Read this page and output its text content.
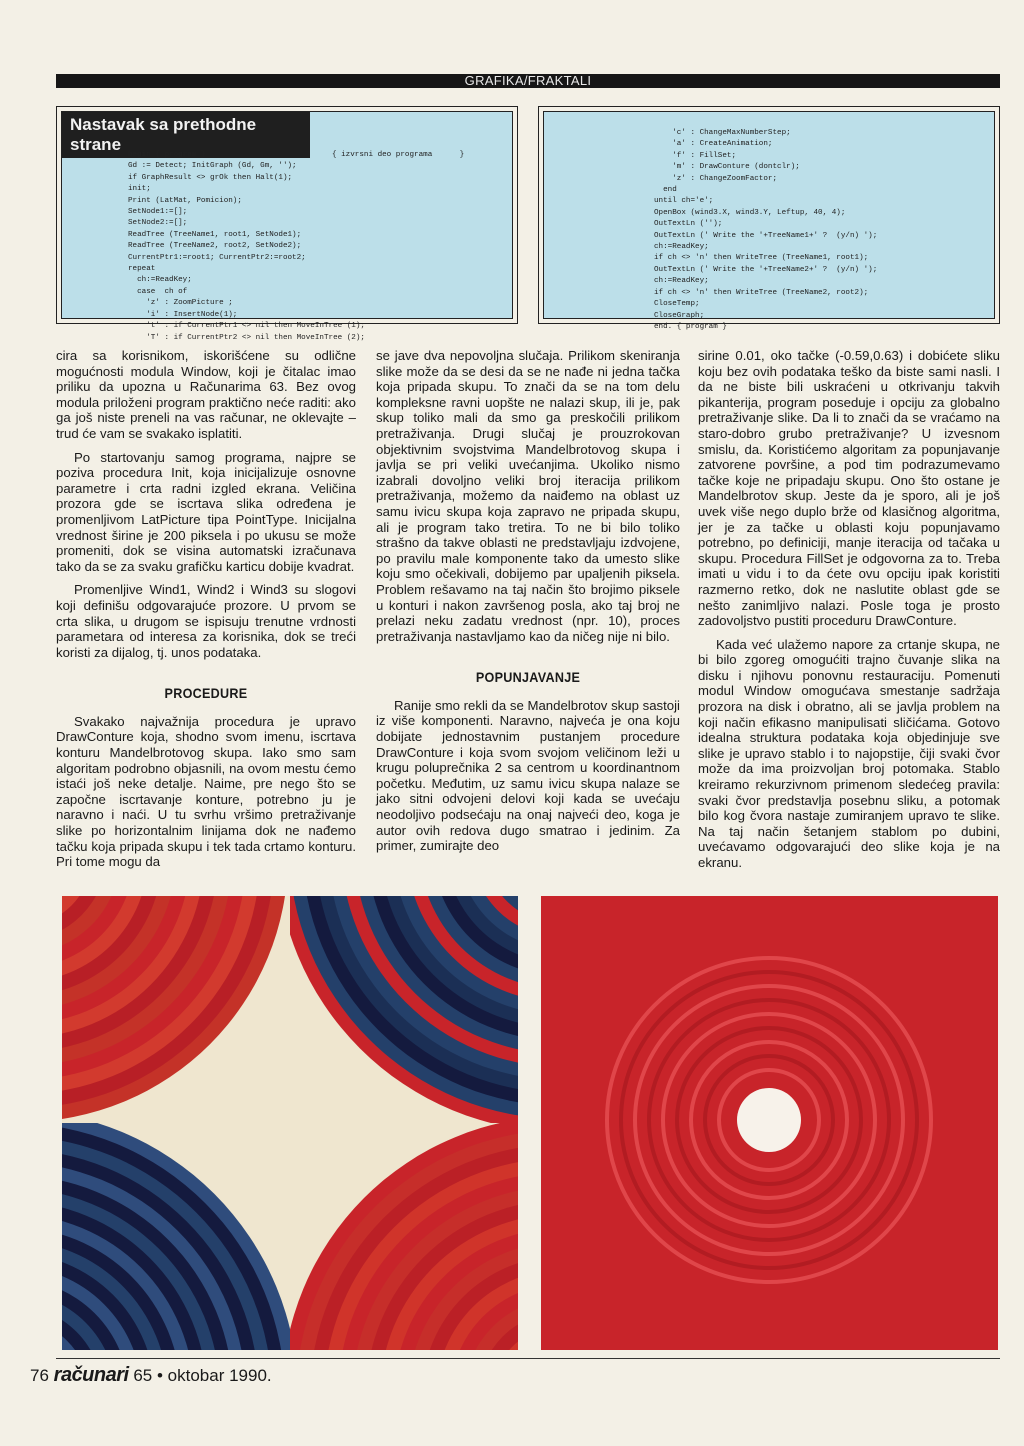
GRAFIKA/FRAKTALI
Nastavak sa prethodne strane
{ izvrsni deo programa      }
begin { program }
Gd := Detect; InitGraph (Gd, Gm, '');
if GraphResult <> grOk then Halt(1);
init;
Print (LatMat, Pomicion);
SetNode1:=[];
SetNode2:=[];
ReadTree (TreeName1, root1, SetNode1);
ReadTree (TreeName2, root2, SetNode2);
CurrentPtr1:=root1; CurrentPtr2:=root2;
repeat
ch:=ReadKey;
case  ch of
'z' : ZoomPicture ;
'i' : InsertNode(1);
't' : if CurrentPtr1 <> nil then MoveInTree (1);
'T' : if CurrentPtr2 <> nil then MoveInTree (2);
'c' : ChangeMaxNumberStep;
'a' : CreateAnimation;
'f' : FillSet;
'm' : DrawConture (dontclr);
'z' : ChangeZoomFactor;
end
until ch='e';
OpenBox (wind3.X, wind3.Y, Leftup, 40, 4);
OutTextLn ('');
OutTextLn (' Write the '+TreeName1+' ?  (y/n) ');
ch:=ReadKey;
if ch <> 'n' then WriteTree (TreeName1, root1);
OutTextLn (' Write the '+TreeName2+' ?  (y/n) ');
ch:=ReadKey;
if ch <> 'n' then WriteTree (TreeName2, root2);
CloseTemp;
CloseGraph;
end. { program }

cira sa korisnikom, iskorišćene su odlične mogućnosti modula Window, koji je čitalac imao priliku da upozna u Računarima 63. Bez ovog modula priloženi program praktično neće raditi: ako ga još niste preneli na vas računar, ne oklevajte – trud će vam se svakako isplatiti.

Po startovanju samog programa, najpre se poziva procedura Init, koja inicijalizuje osnovne parametre i crta radni izgled ekrana. Veličina prozora gde se iscrtava slika određena je promenljivom LatPicture tipa PointType. Inicijalna vrednost širine je 200 piksela i po ukusu se može promeniti, dok se visina automatski izračunava tako da se za svaku grafičku karticu dobije kvadrat.

Promenljive Wind1, Wind2 i Wind3 su slogovi koji definišu odgovarajuće prozore. U prvom se crta slika, u drugom se ispisuju trenutne vrdnosti parametara od interesa za korisnika, dok se treći koristi za dijalog, tj. unos podataka.

PROCEDURE

Svakako najvažnija procedura je upravo DrawConture koja, shodno svom imenu, iscrtava konturu Mandelbrotovog skupa. Iako smo sam algoritam podrobno objasnili, na ovom mestu ćemo istaći još neke detalje. Naime, pre nego što se započne iscrtavanje konture, potrebno ju je naravno i naći. U tu svrhu vršimo pretraživanje slike po horizontalnim linijama dok ne nađemo tačku koja pripada skupu i tek tada crtamo konturu. Pri tome mogu da

se jave dva nepovoljna slučaja. Prilikom skeniranja slike može da se desi da se ne nađe ni jedna tačka koja pripada skupu. To znači da se na tom delu kompleksne ravni uopšte ne nalazi skup, ili je, pak skup toliko mali da smo ga preskočili prilikom pretraživanja. Drugi slučaj je prouzrokovan objektivnim svojstvima Mandelbrotovog skupa i javlja se pri veliki uvećanjima. Ukoliko nismo izabrali dovoljno veliki broj iteracija prilikom pretraživanja, možemo da naiđemo na oblast uz samu ivicu skupa koja zapravo ne pripada skupu, ali je program tako tretira. To ne bi bilo toliko strašno da takve oblasti ne predstavljaju izdvojene, po pravilu male komponente tako da umesto slike koju smo očekivali, dobijemo par upaljenih piksela. Problem rešavamo na taj način što brojimo piksele u konturi i nakon završenog posla, ako taj broj ne prelazi neku zadatu vrednost (npr. 10), proces pretraživanja nastavljamo kao da ničeg nije ni bilo.

POPUNJAVANJE

Ranije smo rekli da se Mandelbrotov skup sastoji iz više komponenti. Naravno, najveća je ona koju dobijate jednostavnim pustanjem procedure DrawConture i koja svom svojom veličinom leži u krugu poluprečnika 2 sa centrom u koordinantnom početku. Međutim, uz samu ivicu skupa nalaze se jako sitni odvojeni delovi koji kada se uvećaju neodoljivo podsećaju na onaj najveći deo, koga je autor ovih redova dugo smatrao i jedinim. Za primer, zumirajte deo

sirine 0.01, oko tačke (-0.59,0.63) i dobićete sliku koju bez ovih podataka teško da biste sami nasli. I da ne biste bili uskraćeni u otkrivanju takvih pikanterija, program poseduje i opciju za globalno pretraživanje slike. Da li to znači da se vraćamo na staro-dobro grubo pretraživanje? U izvesnom smislu, da. Koristićemo algoritam za popunjavanje zatvorene površine, a pod tim podrazumevamo tačke koje ne pripadaju skupu. Ono što ostane je Mandelbrotov skup. Jeste da je sporo, ali je još uvek više nego duplo brže od klasičnog algoritma, jer je za tačke u oblasti koju popunjavamo potrebno, po definiciji, manje iteracija od tačaka u skupu. Procedura FillSet je odgovorna za to. Treba imati u vidu i to da ćete ovu opciju ipak koristiti razmerno retko, dok ne naslutite oblast gde se nešto zanimljivo nalazi. Posle toga je prosto zadovoljstvo pustiti proceduru DrawConture.

Kada već ulažemo napore za crtanje skupa, ne bi bilo zgoreg omogućiti trajno čuvanje slika na disku i njihovu ponovnu restauraciju. Pomenuti modul Window omogućava smestanje sadržaja prozora na disk i obratno, ali se javlja problem na koji način efikasno manipulisati sličićama. Gotovo idealna struktura podataka koja objedinjuje sve slike je upravo stablo i to najopstije, čiji svaki čvor može da ima proizvoljan broj potomaka. Stablo kreiramo rekurzivnom primenom sledećeg pravila: svaki čvor predstavlja posebnu sliku, a potomak bilo kog čvora nastaje zumiranjem upravo te slike. Na taj način šetanjem stablom po dubini, uvećavamo odgovarajući deo slike koja je na ekranu.

76 računari 65 • oktobar 1990.
